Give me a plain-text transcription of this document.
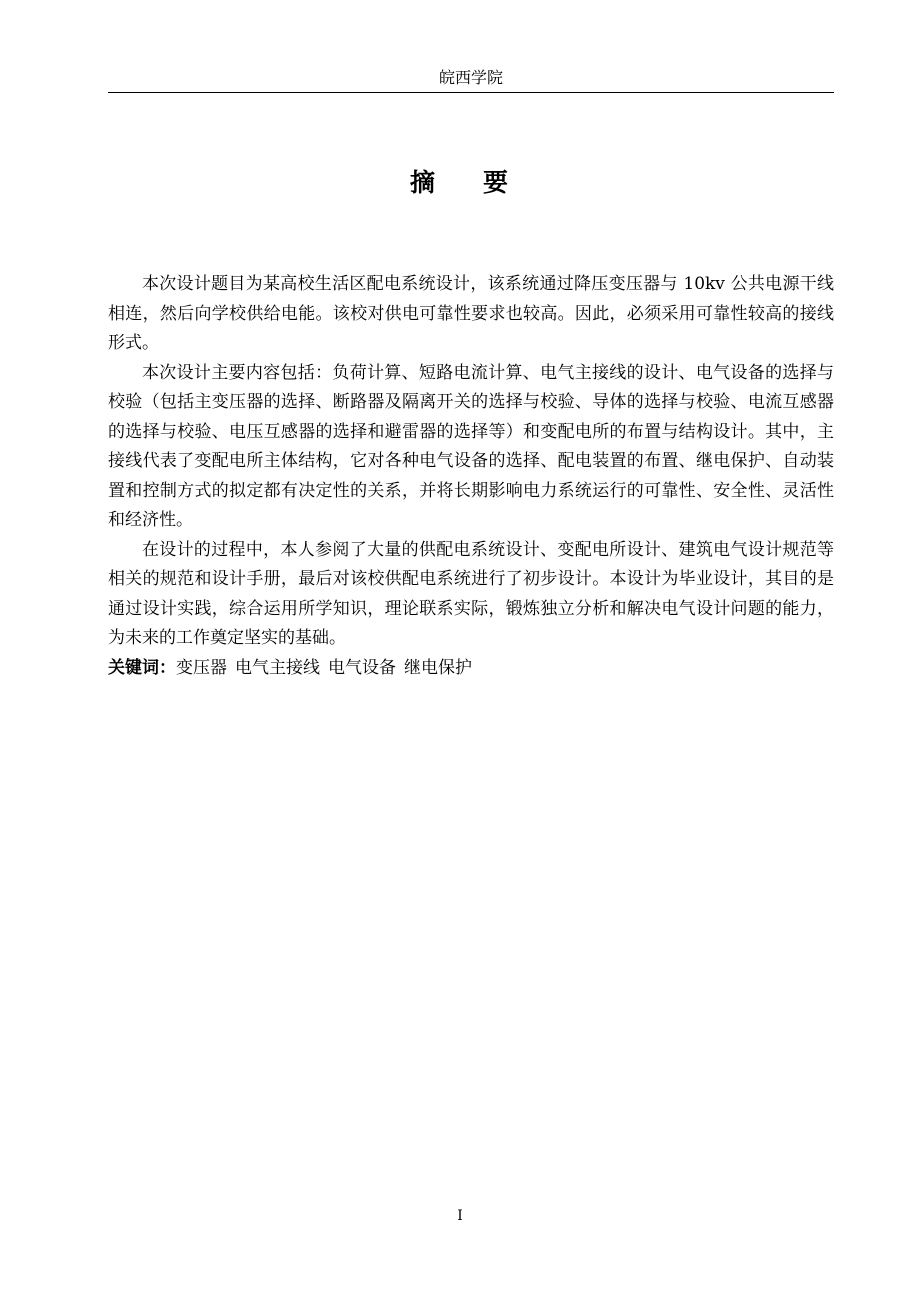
皖西学院
摘 要

本次设计题目为某高校生活区配电系统设计，该系统通过降压变压器与 10kv 公共电源干线相连，然后向学校供给电能。该校对供电可靠性要求也较高。因此，必须采用可靠性较高的接线形式。

本次设计主要内容包括：负荷计算、短路电流计算、电气主接线的设计、电气设备的选择与校验（包括主变压器的选择、断路器及隔离开关的选择与校验、导体的选择与校验、电流互感器的选择与校验、电压互感器的选择和避雷器的选择等）和变配电所的布置与结构设计。其中，主接线代表了变配电所主体结构，它对各种电气设备的选择、配电装置的布置、继电保护、自动装置和控制方式的拟定都有决定性的关系，并将长期影响电力系统运行的可靠性、安全性、灵活性和经济性。

在设计的过程中，本人参阅了大量的供配电系统设计、变配电所设计、建筑电气设计规范等相关的规范和设计手册，最后对该校供配电系统进行了初步设计。本设计为毕业设计，其目的是通过设计实践，综合运用所学知识，理论联系实际，锻炼独立分析和解决电气设计问题的能力，为未来的工作奠定坚实的基础。

关键词：变压器 电气主接线 电气设备 继电保护

I
